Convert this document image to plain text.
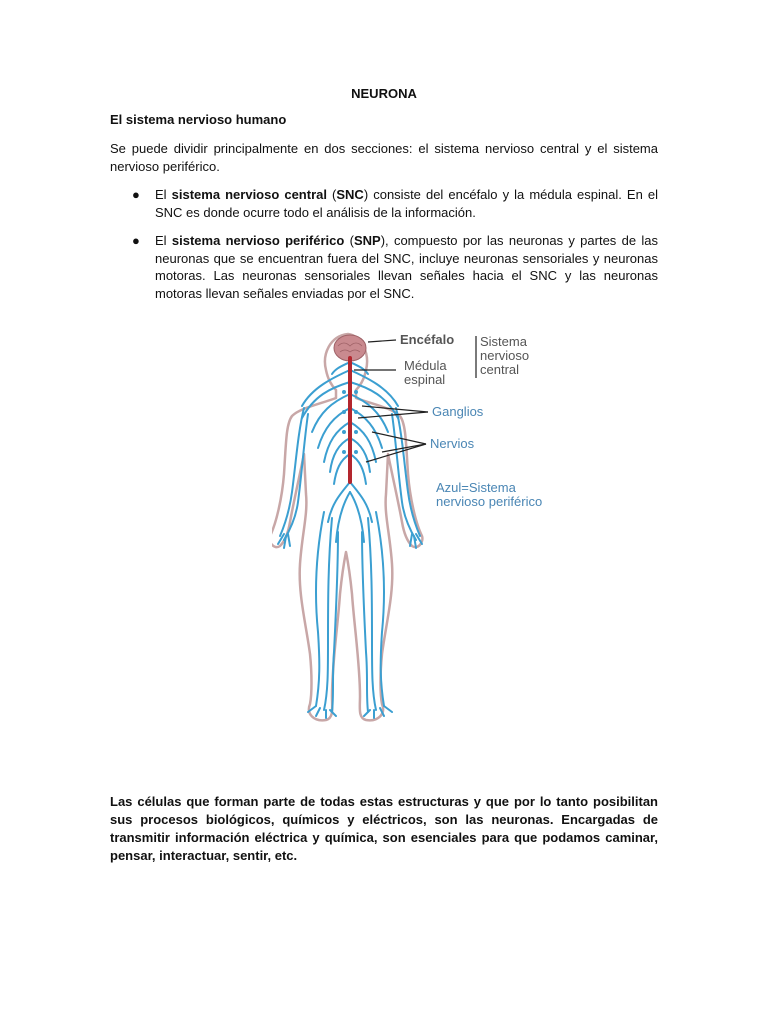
NEURONA
El sistema nervioso humano

Se puede dividir principalmente en dos secciones: el sistema nervioso central y el sistema nervioso periférico.

● El sistema nervioso central (SNC) consiste del encéfalo y la médula espinal. En el SNC es donde ocurre todo el análisis de la información.
● El sistema nervioso periférico (SNP), compuesto por las neuronas y partes de las neuronas que se encuentran fuera del SNC, incluye neuronas sensoriales y neuronas motoras. Las neuronas sensoriales llevan señales hacia el SNC y las neuronas motoras llevan señales enviadas por el SNC.
Encéfalo
Médula
espinal
Sistema
nervioso
central
Ganglios
Nervios
Azul=Sistema
nervioso periférico

Las células que forman parte de todas estas estructuras y que por lo tanto posibilitan sus procesos biológicos, químicos y eléctricos, son las neuronas. Encargadas de transmitir información eléctrica y química, son esenciales para que podamos caminar, pensar, interactuar, sentir, etc.
